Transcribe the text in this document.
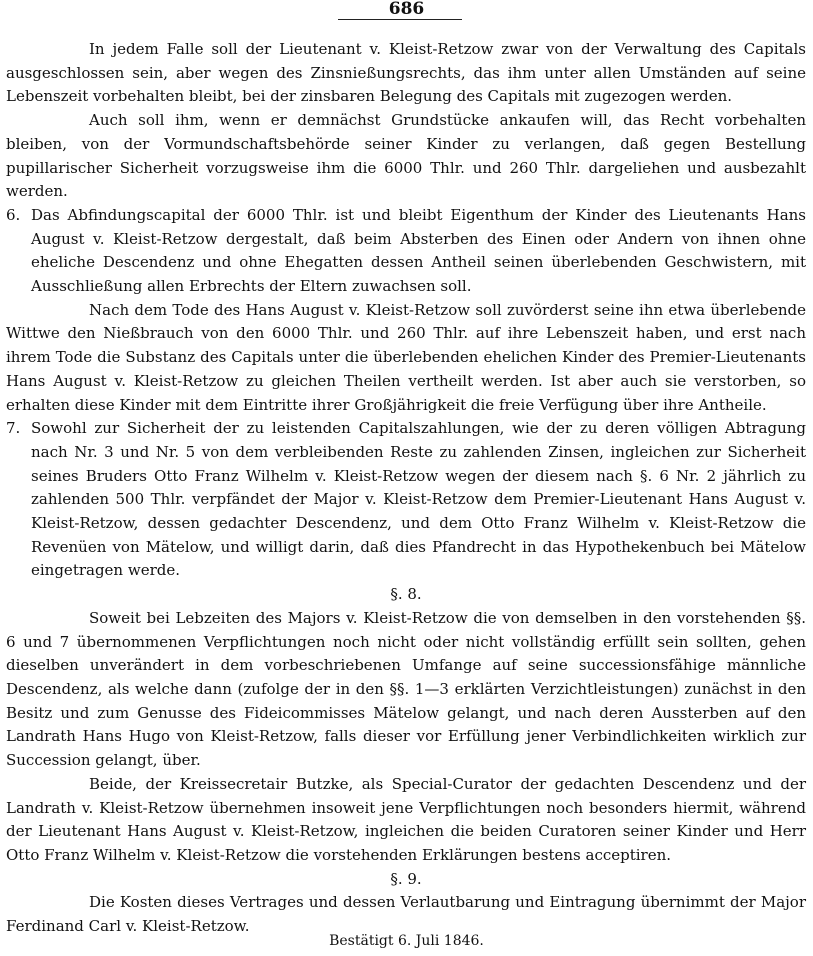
686

In jedem Falle soll der Lieutenant v. Kleist-Retzow zwar von der Verwaltung des Capitals ausgeschlossen sein, aber wegen des Zinsnießungsrechts, das ihm unter allen Umständen auf seine Lebenszeit vorbehalten bleibt, bei der zinsbaren Belegung des Capitals mit zugezogen werden.

Auch soll ihm, wenn er demnächst Grundstücke ankaufen will, das Recht vorbehalten bleiben, von der Vormundschaftsbehörde seiner Kinder zu verlangen, daß gegen Bestellung pupillarischer Sicherheit vorzugsweise ihm die 6000 Thlr. und 260 Thlr. dargeliehen und ausbezahlt werden.

6. Das Abfindungscapital der 6000 Thlr. ist und bleibt Eigenthum der Kinder des Lieutenants Hans August v. Kleist-Retzow dergestalt, daß beim Absterben des Einen oder Andern von ihnen ohne eheliche Descendenz und ohne Ehegatten dessen Antheil seinen überlebenden Geschwistern, mit Ausschließung allen Erbrechts der Eltern zuwachsen soll.

Nach dem Tode des Hans August v. Kleist-Retzow soll zuvörderst seine ihn etwa überlebende Wittwe den Nießbrauch von den 6000 Thlr. und 260 Thlr. auf ihre Lebenszeit haben, und erst nach ihrem Tode die Substanz des Capitals unter die überlebenden ehelichen Kinder des Premier-Lieutenants Hans August v. Kleist-Retzow zu gleichen Theilen vertheilt werden. Ist aber auch sie verstorben, so erhalten diese Kinder mit dem Eintritte ihrer Großjährigkeit die freie Verfügung über ihre Antheile.

7. Sowohl zur Sicherheit der zu leistenden Capitalszahlungen, wie der zu deren völligen Abtragung nach Nr. 3 und Nr. 5 von dem verbleibenden Reste zu zahlenden Zinsen, ingleichen zur Sicherheit seines Bruders Otto Franz Wilhelm v. Kleist-Retzow wegen der diesem nach §. 6 Nr. 2 jährlich zu zahlenden 500 Thlr. verpfändet der Major v. Kleist-Retzow dem Premier-Lieutenant Hans August v. Kleist-Retzow, dessen gedachter Descendenz, und dem Otto Franz Wilhelm v. Kleist-Retzow die Revenüen von Mätelow, und willigt darin, daß dies Pfandrecht in das Hypothekenbuch bei Mätelow eingetragen werde.

§. 8.

Soweit bei Lebzeiten des Majors v. Kleist-Retzow die von demselben in den vorstehenden §§. 6 und 7 übernommenen Verpflichtungen noch nicht oder nicht vollständig erfüllt sein sollten, gehen dieselben unverändert in dem vorbeschriebenen Umfange auf seine successionsfähige männliche Descendenz, als welche dann (zufolge der in den §§. 1—3 erklärten Verzichtleistungen) zunächst in den Besitz und zum Genusse des Fideicommisses Mätelow gelangt, und nach deren Aussterben auf den Landrath Hans Hugo von Kleist-Retzow, falls dieser vor Erfüllung jener Verbindlichkeiten wirklich zur Succession gelangt, über.

Beide, der Kreissecretair Butzke, als Special-Curator der gedachten Descendenz und der Landrath v. Kleist-Retzow übernehmen insoweit jene Verpflichtungen noch besonders hiermit, während der Lieutenant Hans August v. Kleist-Retzow, ingleichen die beiden Curatoren seiner Kinder und Herr Otto Franz Wilhelm v. Kleist-Retzow die vorstehenden Erklärungen bestens acceptiren.

§. 9.

Die Kosten dieses Vertrages und dessen Verlautbarung und Eintragung übernimmt der Major Ferdinand Carl v. Kleist-Retzow.

Bestätigt 6. Juli 1846.
